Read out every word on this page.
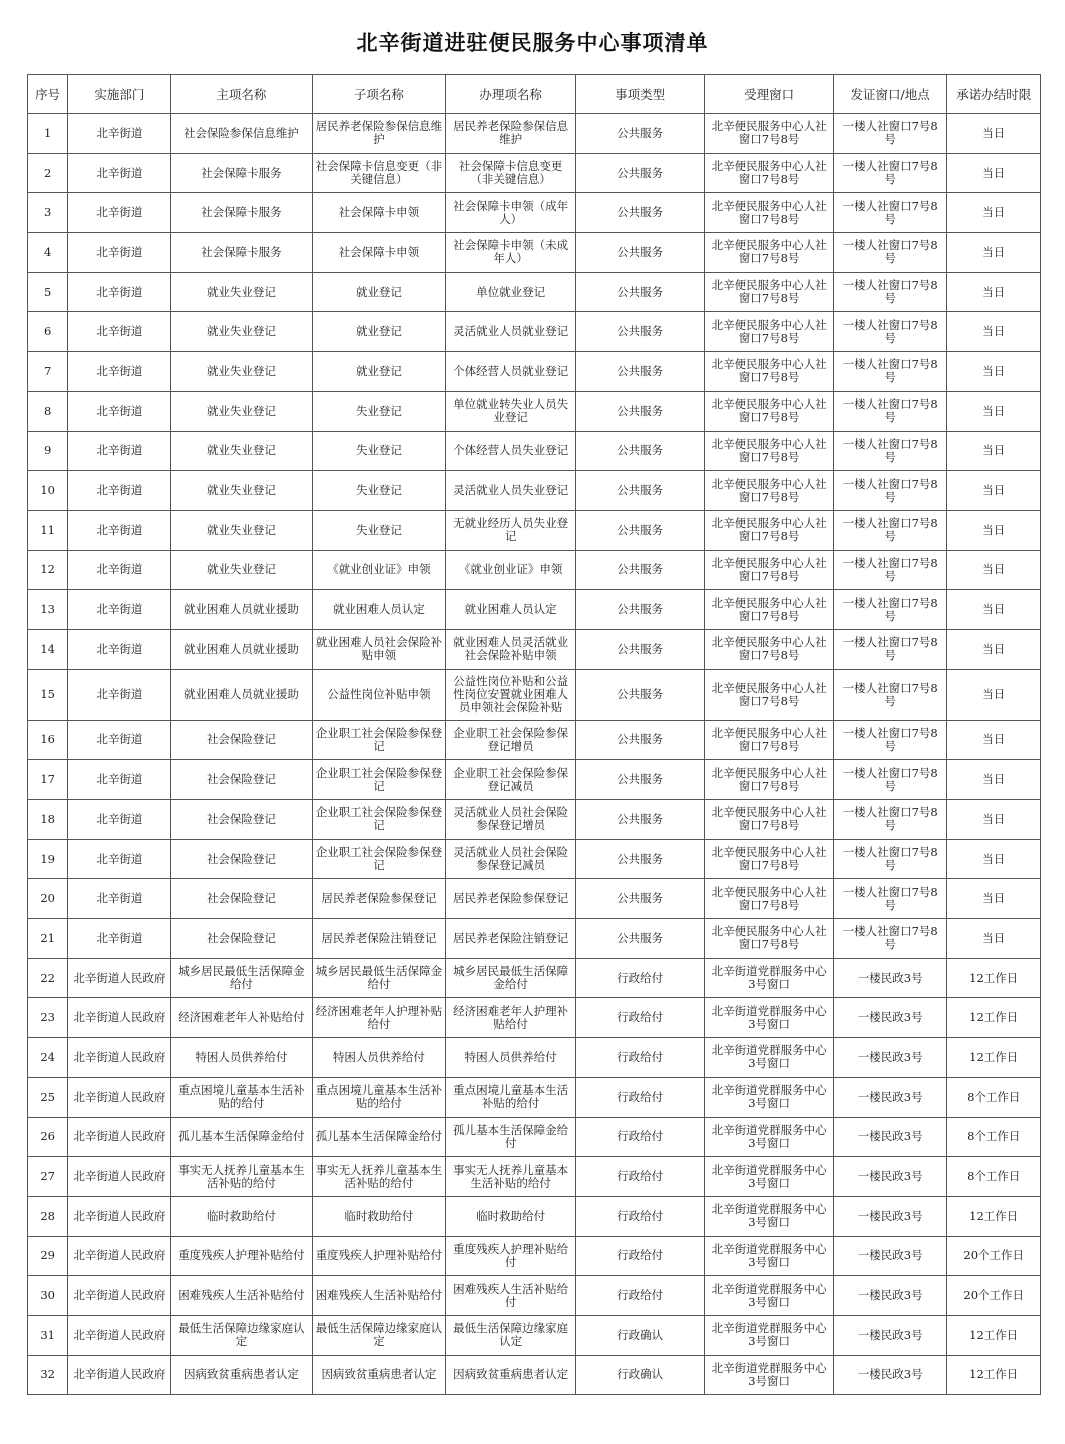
北辛街道进驻便民服务中心事项清单
序号	实施部门	主项名称	子项名称	办理项名称	事项类型	受理窗口	发证窗口/地点	承诺办结时限
1	北辛街道	社会保险参保信息维护	居民养老保险参保信息维护	居民养老保险参保信息维护	公共服务	北辛便民服务中心人社窗口7号8号	一楼人社窗口7号8号	当日
2	北辛街道	社会保障卡服务	社会保障卡信息变更（非关键信息）	社会保障卡信息变更（非关键信息）	公共服务	北辛便民服务中心人社窗口7号8号	一楼人社窗口7号8号	当日
3	北辛街道	社会保障卡服务	社会保障卡申领	社会保障卡申领（成年人）	公共服务	北辛便民服务中心人社窗口7号8号	一楼人社窗口7号8号	当日
4	北辛街道	社会保障卡服务	社会保障卡申领	社会保障卡申领（未成年人）	公共服务	北辛便民服务中心人社窗口7号8号	一楼人社窗口7号8号	当日
5	北辛街道	就业失业登记	就业登记	单位就业登记	公共服务	北辛便民服务中心人社窗口7号8号	一楼人社窗口7号8号	当日
6	北辛街道	就业失业登记	就业登记	灵活就业人员就业登记	公共服务	北辛便民服务中心人社窗口7号8号	一楼人社窗口7号8号	当日
7	北辛街道	就业失业登记	就业登记	个体经营人员就业登记	公共服务	北辛便民服务中心人社窗口7号8号	一楼人社窗口7号8号	当日
8	北辛街道	就业失业登记	失业登记	单位就业转失业人员失业登记	公共服务	北辛便民服务中心人社窗口7号8号	一楼人社窗口7号8号	当日
9	北辛街道	就业失业登记	失业登记	个体经营人员失业登记	公共服务	北辛便民服务中心人社窗口7号8号	一楼人社窗口7号8号	当日
10	北辛街道	就业失业登记	失业登记	灵活就业人员失业登记	公共服务	北辛便民服务中心人社窗口7号8号	一楼人社窗口7号8号	当日
11	北辛街道	就业失业登记	失业登记	无就业经历人员失业登记	公共服务	北辛便民服务中心人社窗口7号8号	一楼人社窗口7号8号	当日
12	北辛街道	就业失业登记	《就业创业证》申领	《就业创业证》申领	公共服务	北辛便民服务中心人社窗口7号8号	一楼人社窗口7号8号	当日
13	北辛街道	就业困难人员就业援助	就业困难人员认定	就业困难人员认定	公共服务	北辛便民服务中心人社窗口7号8号	一楼人社窗口7号8号	当日
14	北辛街道	就业困难人员就业援助	就业困难人员社会保险补贴申领	就业困难人员灵活就业社会保险补贴申领	公共服务	北辛便民服务中心人社窗口7号8号	一楼人社窗口7号8号	当日
15	北辛街道	就业困难人员就业援助	公益性岗位补贴申领	公益性岗位补贴和公益性岗位安置就业困难人员申领社会保险补贴	公共服务	北辛便民服务中心人社窗口7号8号	一楼人社窗口7号8号	当日
16	北辛街道	社会保险登记	企业职工社会保险参保登记	企业职工社会保险参保登记增员	公共服务	北辛便民服务中心人社窗口7号8号	一楼人社窗口7号8号	当日
17	北辛街道	社会保险登记	企业职工社会保险参保登记	企业职工社会保险参保登记减员	公共服务	北辛便民服务中心人社窗口7号8号	一楼人社窗口7号8号	当日
18	北辛街道	社会保险登记	企业职工社会保险参保登记	灵活就业人员社会保险参保登记增员	公共服务	北辛便民服务中心人社窗口7号8号	一楼人社窗口7号8号	当日
19	北辛街道	社会保险登记	企业职工社会保险参保登记	灵活就业人员社会保险参保登记减员	公共服务	北辛便民服务中心人社窗口7号8号	一楼人社窗口7号8号	当日
20	北辛街道	社会保险登记	居民养老保险参保登记	居民养老保险参保登记	公共服务	北辛便民服务中心人社窗口7号8号	一楼人社窗口7号8号	当日
21	北辛街道	社会保险登记	居民养老保险注销登记	居民养老保险注销登记	公共服务	北辛便民服务中心人社窗口7号8号	一楼人社窗口7号8号	当日
22	北辛街道人民政府	城乡居民最低生活保障金给付	城乡居民最低生活保障金给付	城乡居民最低生活保障金给付	行政给付	北辛街道党群服务中心3号窗口	一楼民政3号	12工作日
23	北辛街道人民政府	经济困难老年人补贴给付	经济困难老年人护理补贴给付	经济困难老年人护理补贴给付	行政给付	北辛街道党群服务中心3号窗口	一楼民政3号	12工作日
24	北辛街道人民政府	特困人员供养给付	特困人员供养给付	特困人员供养给付	行政给付	北辛街道党群服务中心3号窗口	一楼民政3号	12工作日
25	北辛街道人民政府	重点困境儿童基本生活补贴的给付	重点困境儿童基本生活补贴的给付	重点困境儿童基本生活补贴的给付	行政给付	北辛街道党群服务中心3号窗口	一楼民政3号	8个工作日
26	北辛街道人民政府	孤儿基本生活保障金给付	孤儿基本生活保障金给付	孤儿基本生活保障金给付	行政给付	北辛街道党群服务中心3号窗口	一楼民政3号	8个工作日
27	北辛街道人民政府	事实无人抚养儿童基本生活补贴的给付	事实无人抚养儿童基本生活补贴的给付	事实无人抚养儿童基本生活补贴的给付	行政给付	北辛街道党群服务中心3号窗口	一楼民政3号	8个工作日
28	北辛街道人民政府	临时救助给付	临时救助给付	临时救助给付	行政给付	北辛街道党群服务中心3号窗口	一楼民政3号	12工作日
29	北辛街道人民政府	重度残疾人护理补贴给付	重度残疾人护理补贴给付	重度残疾人护理补贴给付	行政给付	北辛街道党群服务中心3号窗口	一楼民政3号	20个工作日
30	北辛街道人民政府	困难残疾人生活补贴给付	困难残疾人生活补贴给付	困难残疾人生活补贴给付	行政给付	北辛街道党群服务中心3号窗口	一楼民政3号	20个工作日
31	北辛街道人民政府	最低生活保障边缘家庭认定	最低生活保障边缘家庭认定	最低生活保障边缘家庭认定	行政确认	北辛街道党群服务中心3号窗口	一楼民政3号	12工作日
32	北辛街道人民政府	因病致贫重病患者认定	因病致贫重病患者认定	因病致贫重病患者认定	行政确认	北辛街道党群服务中心3号窗口	一楼民政3号	12工作日
